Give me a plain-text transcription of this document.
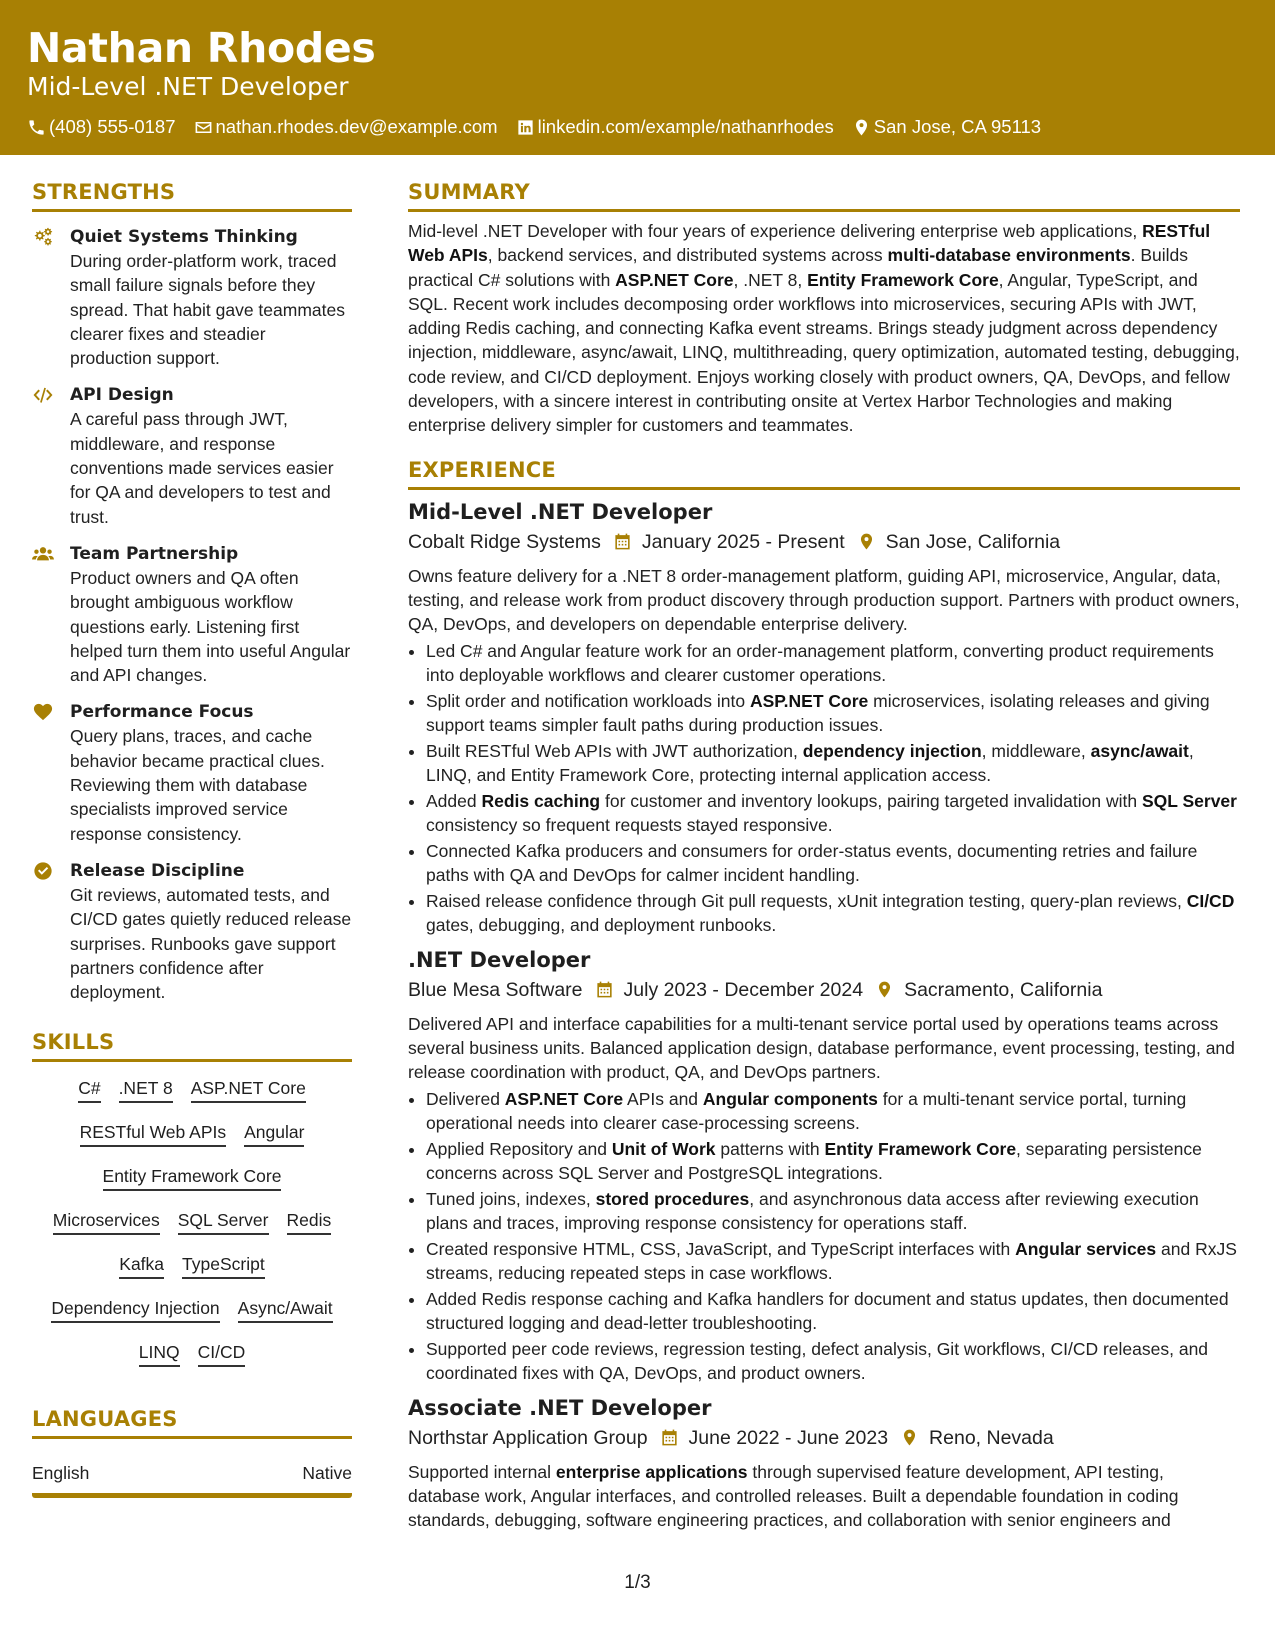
Nathan Rhodes
Mid-Level .NET Developer
(408) 555-0187 nathan.rhodes.dev@example.com linkedin.com/example/nathanrhodes San Jose, CA 95113
STRENGTHS
Quiet Systems Thinking
During order-platform work, traced small failure signals before they spread. That habit gave teammates clearer fixes and steadier production support.
API Design
A careful pass through JWT, middleware, and response conventions made services easier for QA and developers to test and trust.
Team Partnership
Product owners and QA often brought ambiguous workflow questions early. Listening first helped turn them into useful Angular and API changes.
Performance Focus
Query plans, traces, and cache behavior became practical clues. Reviewing them with database specialists improved service response consistency.
Release Discipline
Git reviews, automated tests, and CI/CD gates quietly reduced release surprises. Runbooks gave support partners confidence after deployment.
SKILLS
C# .NET 8 ASP.NET Core
RESTful Web APIs Angular
Entity Framework Core
Microservices SQL Server Redis
Kafka TypeScript
Dependency Injection Async/Await
LINQ CI/CD
LANGUAGES
English	Native
SUMMARY
Mid-level .NET Developer with four years of experience delivering enterprise web applications, RESTful Web APIs, backend services, and distributed systems across multi-database environments. Builds practical C# solutions with ASP.NET Core, .NET 8, Entity Framework Core, Angular, TypeScript, and SQL. Recent work includes decomposing order workflows into microservices, securing APIs with JWT, adding Redis caching, and connecting Kafka event streams. Brings steady judgment across dependency injection, middleware, async/await, LINQ, multithreading, query optimization, automated testing, debugging, code review, and CI/CD deployment. Enjoys working closely with product owners, QA, DevOps, and fellow developers, with a sincere interest in contributing onsite at Vertex Harbor Technologies and making enterprise delivery simpler for customers and teammates.
EXPERIENCE
Mid-Level .NET Developer
Cobalt Ridge Systems January 2025 - Present San Jose, California
Owns feature delivery for a .NET 8 order-management platform, guiding API, microservice, Angular, data, testing, and release work from product discovery through production support. Partners with product owners, QA, DevOps, and developers on dependable enterprise delivery.
• Led C# and Angular feature work for an order-management platform, converting product requirements into deployable workflows and clearer customer operations.
• Split order and notification workloads into ASP.NET Core microservices, isolating releases and giving support teams simpler fault paths during production issues.
• Built RESTful Web APIs with JWT authorization, dependency injection, middleware, async/await, LINQ, and Entity Framework Core, protecting internal application access.
• Added Redis caching for customer and inventory lookups, pairing targeted invalidation with SQL Server consistency so frequent requests stayed responsive.
• Connected Kafka producers and consumers for order-status events, documenting retries and failure paths with QA and DevOps for calmer incident handling.
• Raised release confidence through Git pull requests, xUnit integration testing, query-plan reviews, CI/CD gates, debugging, and deployment runbooks.
.NET Developer
Blue Mesa Software July 2023 - December 2024 Sacramento, California
Delivered API and interface capabilities for a multi-tenant service portal used by operations teams across several business units. Balanced application design, database performance, event processing, testing, and release coordination with product, QA, and DevOps partners.
• Delivered ASP.NET Core APIs and Angular components for a multi-tenant service portal, turning operational needs into clearer case-processing screens.
• Applied Repository and Unit of Work patterns with Entity Framework Core, separating persistence concerns across SQL Server and PostgreSQL integrations.
• Tuned joins, indexes, stored procedures, and asynchronous data access after reviewing execution plans and traces, improving response consistency for operations staff.
• Created responsive HTML, CSS, JavaScript, and TypeScript interfaces with Angular services and RxJS streams, reducing repeated steps in case workflows.
• Added Redis response caching and Kafka handlers for document and status updates, then documented structured logging and dead-letter troubleshooting.
• Supported peer code reviews, regression testing, defect analysis, Git workflows, CI/CD releases, and coordinated fixes with QA, DevOps, and product owners.
Associate .NET Developer
Northstar Application Group June 2022 - June 2023 Reno, Nevada
Supported internal enterprise applications through supervised feature development, API testing, database work, Angular interfaces, and controlled releases. Built a dependable foundation in coding standards, debugging, software engineering practices, and collaboration with senior engineers and
1/3
